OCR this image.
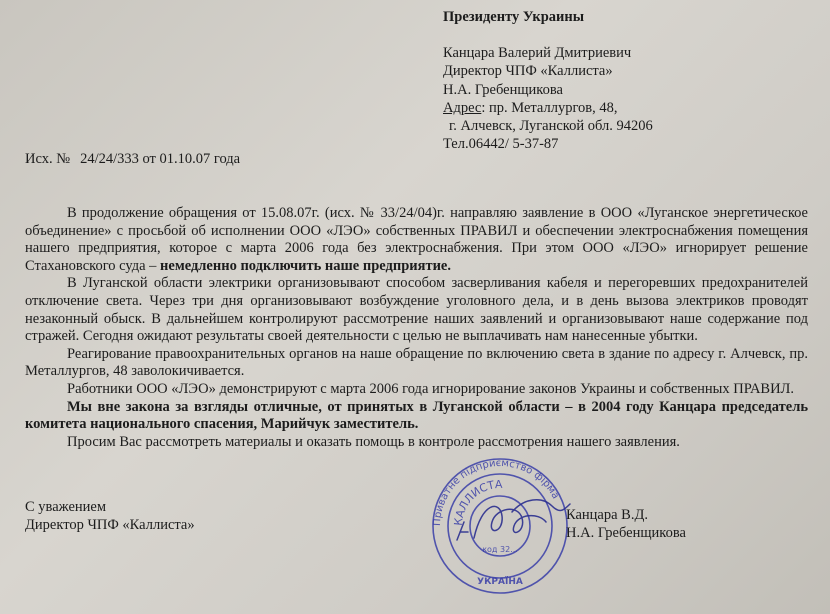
Президенту Украины
Канцара Валерий Дмитриевич
Директор ЧПФ «Каллиста»
Н.А. Гребенщикова
Адрес: пр. Металлургов, 48,
г. Алчевск, Луганской обл. 94206
Тел.06442/ 5-37-87
Исх. № 24/24/333 от 01.10.07 года

В продолжение обращения от 15.08.07г. (исх. № 33/24/04)г. направляю заявление в ООО «Луганское энергетическое объединение» с просьбой об исполнении ООО «ЛЭО» собственных ПРАВИЛ и обеспечении электроснабжения помещения нашего предприятия, которое с марта 2006 года без электроснабжения. При этом ООО «ЛЭО» игнорирует решение Стахановского суда – немедленно подключить наше предприятие.

В Луганской области электрики организовывают способом засверливания кабеля и перегоревших предохранителей отключение света. Через три дня организовывают возбуждение уголовного дела, и в день вызова электриков проводят незаконный обыск. В дальнейшем контролируют рассмотрение наших заявлений и организовывают наше содержание под стражей. Сегодня ожидают результаты своей деятельности с целью не выплачивать нам нанесенные убытки.

Реагирование правоохранительных органов на наше обращение по включению света в здание по адресу г. Алчевск, пр. Металлургов, 48 заволокичивается.

Работники ООО «ЛЭО» демонстрируют с марта 2006 года игнорирование законов Украины и собственных ПРАВИЛ.

Мы вне закона за взгляды отличные, от принятых в Луганской области – в 2004 году Канцара председатель комитета национального спасения, Марийчук заместитель.

Просим Вас рассмотреть материалы и оказать помощь в контроле рассмотрения нашего заявления.

С уважением
Директор ЧПФ «Каллиста»	Приватне підприємство фірма
КАЛЛИСТА
код 32...
УКРАЇНА
Канцара В.Д.
Н.А. Гребенщикова
